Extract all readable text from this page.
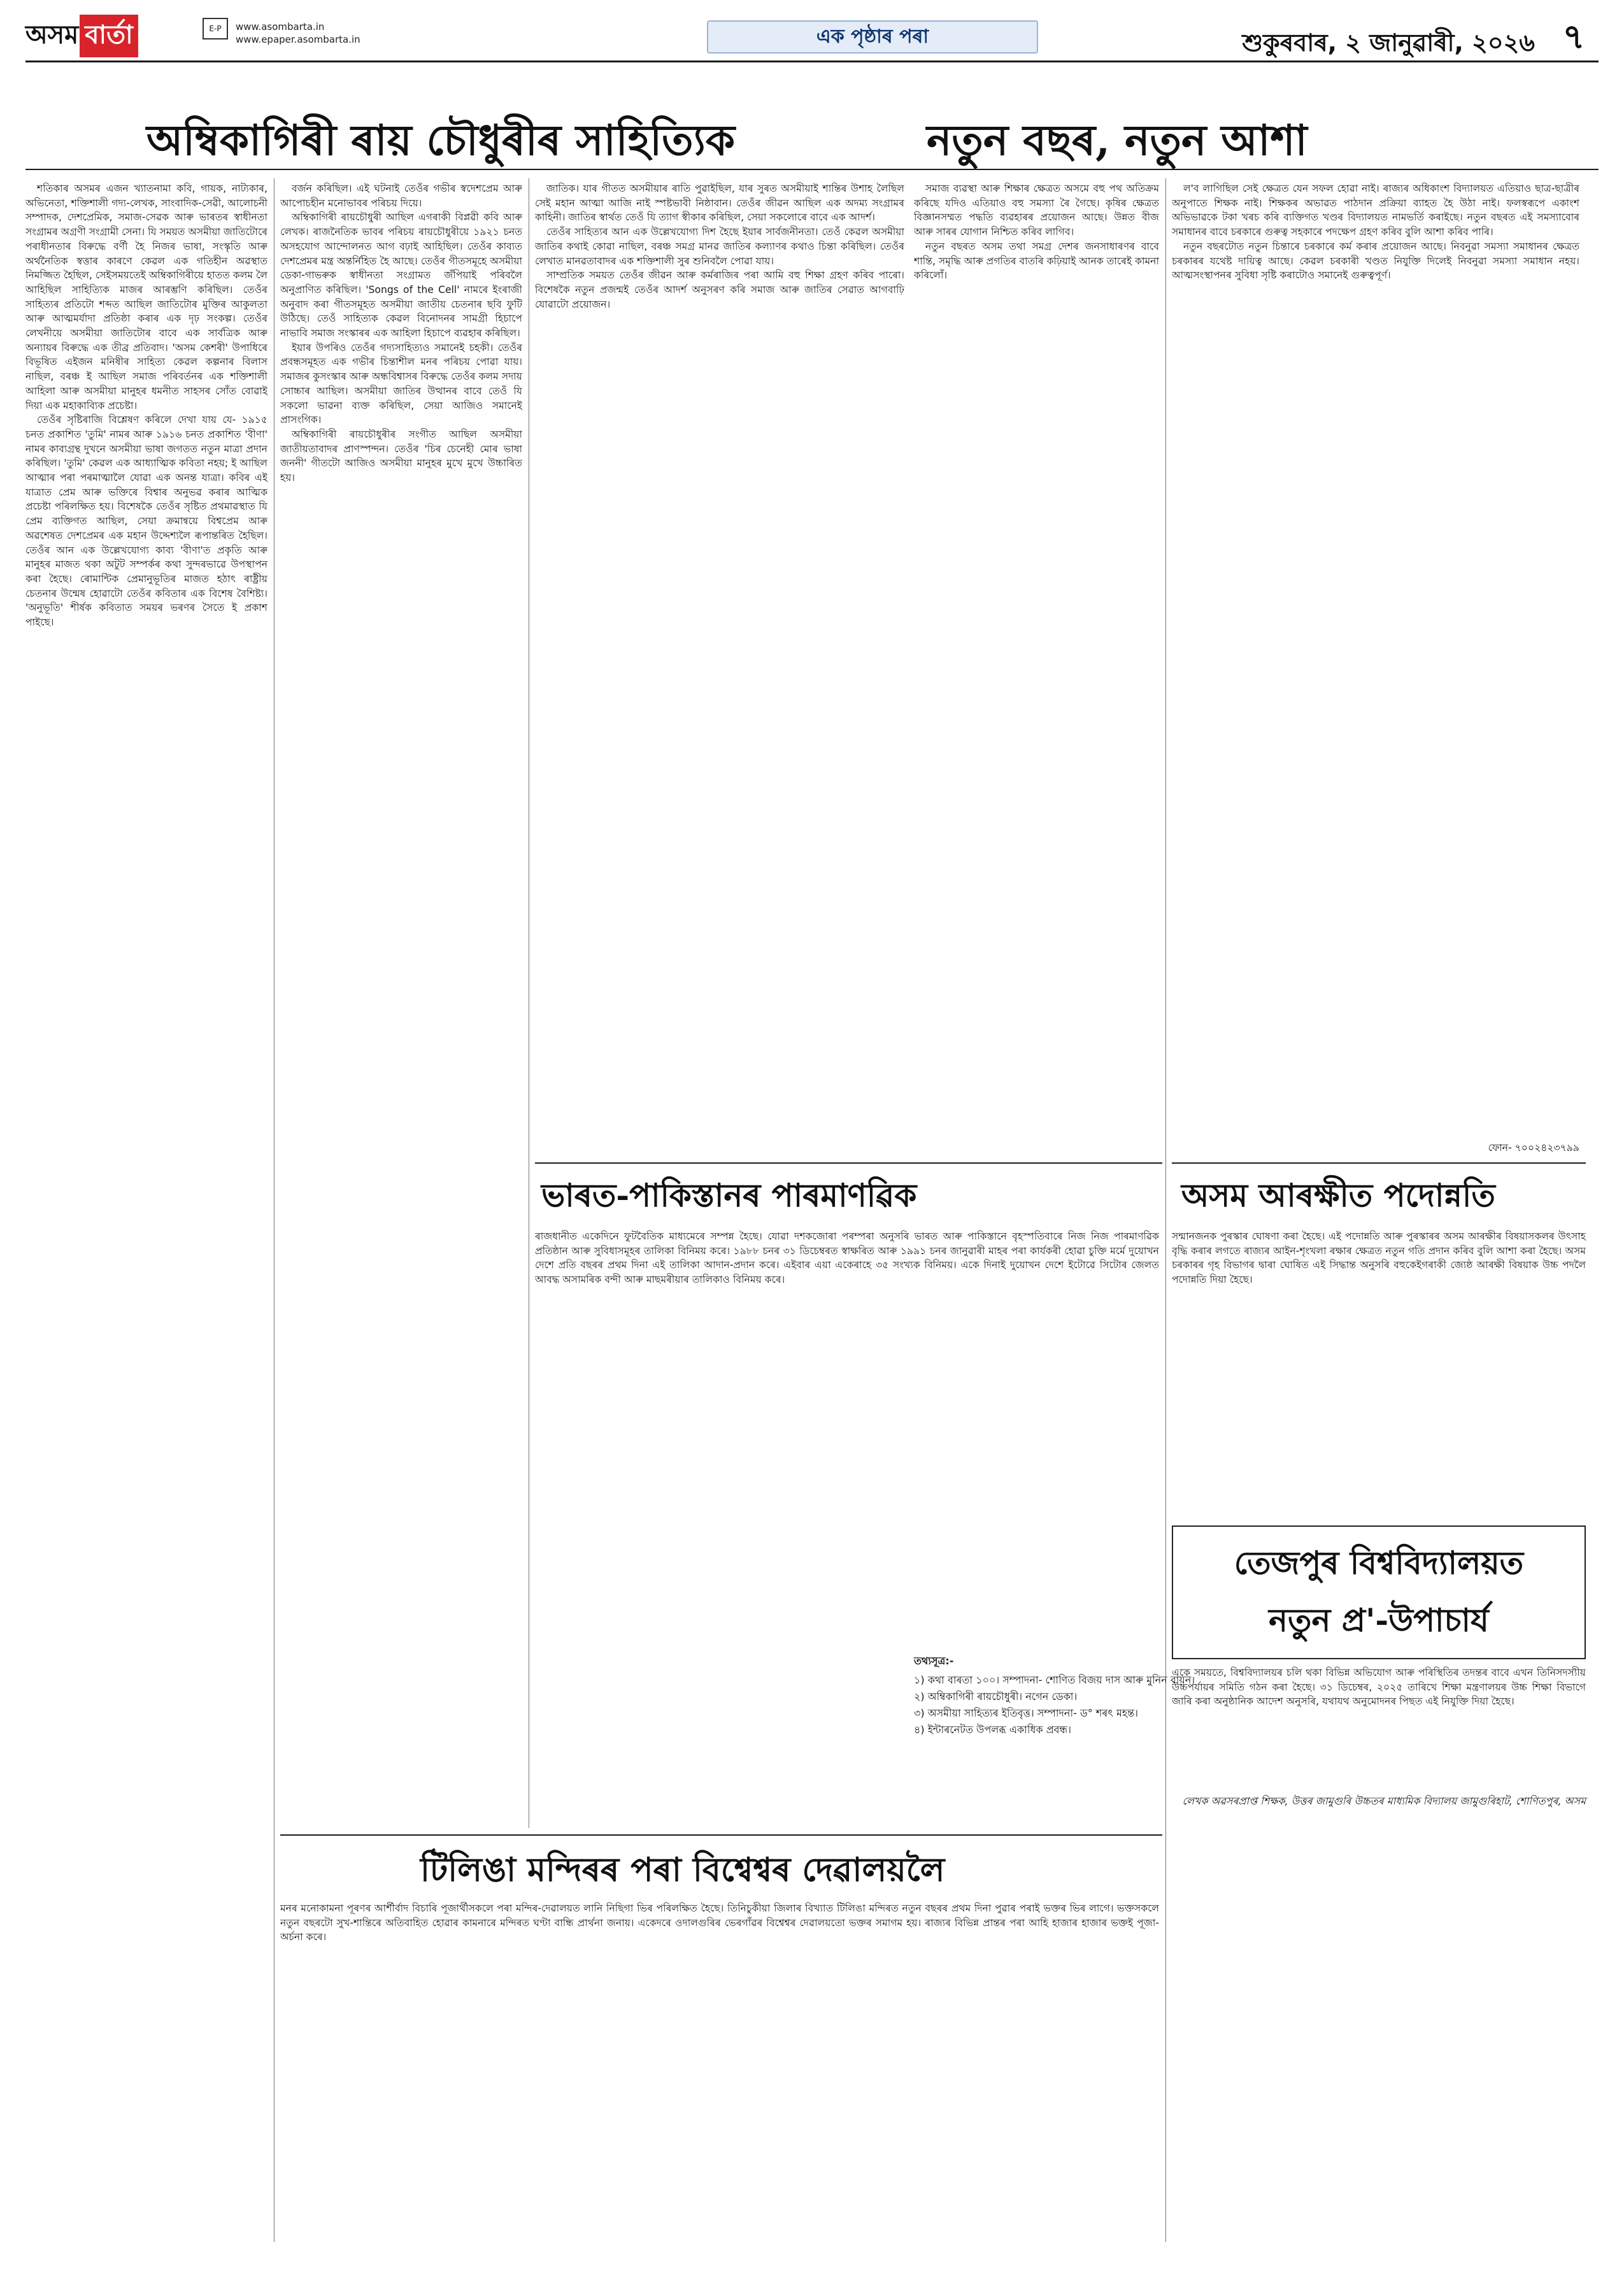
অসম বাৰ্তা	E-P	www.asombarta.in
www.epaper.asombarta.in	এক পৃষ্ঠাৰ পৰা	শুকুৰবাৰ, ২ জানুৱাৰী, ২০২৬ ৭
অম্বিকাগিৰী ৰায় চৌধুৰীৰ সাহিত্যিক	নতুন বছৰ, নতুন আশা

শতিকাৰ অসমৰ এজন খ্যাতনামা কবি, গায়ক, নাট্যকাৰ, অভিনেতা, শক্তিশালী গদ্য-লেখক, সাংবাদিক-সেৱী, আলোচনী সম্পাদক, দেশপ্ৰেমিক, সমাজ-সেৱক আৰু ভাৰতৰ স্বাধীনতা সংগ্ৰামৰ অগ্ৰণী সংগ্ৰামী সেনা। যি সময়ত অসমীয়া জাতিটোৰে পৰাধীনতাৰ বিৰুদ্ধে বৰ্ণী হৈ নিজৰ ভাষা, সংস্কৃতি আৰু অৰ্থনৈতিক স্বত্তাৰ কাৰণে কেৱল এক গতিহীন অৱস্থাত নিমজ্জিত হৈছিল, সেইসময়তেই অম্বিকাগিৰীয়ে হাতত কলম লৈ আহিছিল সাহিত্যিক মাজৰ আৰম্ভণি কৰিছিল। তেওঁৰ সাহিত্যৰ প্ৰতিটো শব্দত আছিল জাতিটোৰ মুক্তিৰ আকুলতা আৰু আত্মমৰ্যাদা প্ৰতিষ্ঠা কৰাৰ এক দৃঢ় সংকল্প। তেওঁৰ লেখনীয়ে অসমীয়া জাতিটোৰ বাবে এক সাৰ্বত্ৰিক আৰু অন্যায়ৰ বিৰুদ্ধে এক তীব্ৰ প্ৰতিবাদ। 'অসম কেশৰী' উপাধিৰে বিভূষিত এইজন মনিষীৰ সাহিত্য কেৱল কল্পনাৰ বিলাস নাছিল, বৰঞ্চ ই আছিল সমাজ পৰিবৰ্তনৰ এক শক্তিশালী আহিলা আৰু অসমীয়া মানুহৰ ধমনীত সাহসৰ সোঁত বোৱাই দিয়া এক মহাকাব্যিক প্ৰচেষ্টা।

তেওঁৰ সৃষ্টিৰাজি বিশ্লেষণ কৰিলে দেখা যায় যে- ১৯১৫ চনত প্ৰকাশিত 'তুমি' নামৰ আৰু ১৯১৬ চনত প্ৰকাশিত 'বীণা' নামৰ কাব্যগ্ৰন্থ দুখনে অসমীয়া ভাষা জগতত নতুন মাত্ৰা প্ৰদান কৰিছিল। 'তুমি' কেৱল এক আধ্যাত্মিক কবিতা নহয়; ই আছিল আত্মাৰ পৰা পৰমাত্মালৈ যোৱা এক অনন্ত যাত্ৰা। কবিৰ এই যাত্ৰাত প্ৰেম আৰু ভক্তিৰে বিশ্বাৰ অনুভৱ কৰাৰ আত্মিক প্ৰচেষ্টা পৰিলক্ষিত হয়। বিশেষকৈ তেওঁৰ সৃষ্টিত প্ৰথমাৱস্থাত যি প্ৰেম ব্যক্তিগত আছিল, সেয়া ক্ৰমান্বয়ে বিশ্বপ্ৰেম আৰু অৱশেষত দেশপ্ৰেমৰ এক মহান উদ্দেশ্যলৈ ৰূপান্তৰিত হৈছিল। তেওঁৰ আন এক উল্লেখযোগ্য কাব্য 'বীণা'ত প্ৰকৃতি আৰু মানুহৰ মাজত থকা অটুট সম্পৰ্কৰ কথা সুন্দৰভাৱে উপস্থাপন কৰা হৈছে। ৰোমান্টিক প্ৰেমানুভূতিৰ মাজত হঠাৎ ৰাষ্ট্ৰীয় চেতনাৰ উন্মেষ হোৱাটো তেওঁৰ কবিতাৰ এক বিশেষ বৈশিষ্ট্য। 'অনুভূতি' শীৰ্ষক কবিতাত সময়ৰ ভৰণৰ সৈতে ই প্ৰকাশ পাইছে।

বৰ্জন কৰিছিল। এই ঘটনাই তেওঁৰ গভীৰ স্বদেশপ্ৰেম আৰু আপোচহীন মনোভাবৰ পৰিচয় দিয়ে।

অম্বিকাগিৰী ৰায়চৌধুৰী আছিল এগৰাকী বিপ্লৱী কবি আৰু লেখক। ৰাজনৈতিক ভাবৰ পৰিচয় ৰায়চৌধুৰীয়ে ১৯২১ চনত অসহযোগ আন্দোলনত আগ বঢ়াই আহিছিল। তেওঁৰ কাব্যত দেশপ্ৰেমৰ মন্ত্ৰ অন্তৰ্নিহিত হৈ আছে। তেওঁৰ গীতসমূহে অসমীয়া ডেকা-গাভৰুক স্বাধীনতা সংগ্ৰামত জঁপিয়াই পৰিবলৈ অনুপ্ৰাণিত কৰিছিল। 'Songs of the Cell' নামৰে ইংৰাজী অনুবাদ কৰা গীতসমূহত অসমীয়া জাতীয় চেতনাৰ ছবি ফুটি উঠিছে। তেওঁ সাহিত্যক কেৱল বিনোদনৰ সামগ্ৰী হিচাপে নাভাবি সমাজ সংস্কাৰৰ এক আহিলা হিচাপে ব্যৱহাৰ কৰিছিল।

ইয়াৰ উপৰিও তেওঁৰ গদ্যসাহিত্যও সমানেই চহকী। তেওঁৰ প্ৰবন্ধসমূহত এক গভীৰ চিন্তাশীল মনৰ পৰিচয় পোৱা যায়। সমাজৰ কুসংস্কাৰ আৰু অন্ধবিশ্বাসৰ বিৰুদ্ধে তেওঁৰ কলম সদায় সোচ্চাৰ আছিল। অসমীয়া জাতিৰ উত্থানৰ বাবে তেওঁ যি সকলো ভাৱনা ব্যক্ত কৰিছিল, সেয়া আজিও সমানেই প্ৰাসংগিক।

অম্বিকাগিৰী ৰায়চৌধুৰীৰ সংগীত আছিল অসমীয়া জাতীয়তাবাদৰ প্ৰাণস্পন্দন। তেওঁৰ 'চিৰ চেনেহী মোৰ ভাষা জননী' গীতটো আজিও অসমীয়া মানুহৰ মুখে মুখে উচ্চাৰিত হয়।

জাতিক। যাৰ গীতত অসমীয়াৰ ৰাতি পুৱাইছিল, যাৰ সুৰত অসমীয়াই শান্তিৰ উশাহ লৈছিল সেই মহান আত্মা আজি নাই স্পষ্টভাবী নিষ্ঠাবান। তেওঁৰ জীৱন আছিল এক অদম্য সংগ্ৰামৰ কাহিনী। জাতিৰ স্বাৰ্থত তেওঁ যি ত্যাগ স্বীকাৰ কৰিছিল, সেয়া সকলোৰে বাবে এক আদৰ্শ।

তেওঁৰ সাহিত্যৰ আন এক উল্লেখযোগ্য দিশ হৈছে ইয়াৰ সাৰ্বজনীনতা। তেওঁ কেৱল অসমীয়া জাতিৰ কথাই কোৱা নাছিল, বৰঞ্চ সমগ্ৰ মানৱ জাতিৰ কল্যাণৰ কথাও চিন্তা কৰিছিল। তেওঁৰ লেখাত মানৱতাবাদৰ এক শক্তিশালী সুৰ শুনিবলৈ পোৱা যায়।

সাম্প্ৰতিক সময়ত তেওঁৰ জীৱন আৰু কৰ্মৰাজিৰ পৰা আমি বহু শিক্ষা গ্ৰহণ কৰিব পাৰো। বিশেষকৈ নতুন প্ৰজন্মই তেওঁৰ আদৰ্শ অনুসৰণ কৰি সমাজ আৰু জাতিৰ সেৱাত আগবাঢ়ি যোৱাটো প্ৰয়োজন।

ল'ব লাগিছিল সেই ক্ষেত্ৰত যেন সফল হোৱা নাই। ৰাজ্যৰ অধিকাংশ বিদ্যালয়ত এতিয়াও ছাত্ৰ-ছাত্ৰীৰ অনুপাতে শিক্ষক নাই। শিক্ষকৰ অভাৱত পাঠদান প্ৰক্ৰিয়া ব্যাহত হৈ উঠা নাই। ফলস্বৰূপে একাংশ অভিভাৱকে টকা খৰচ কৰি ব্যক্তিগত খণ্ডৰ বিদ্যালয়ত নামভৰ্তি কৰাইছে। নতুন বছৰত এই সমস্যাবোৰ সমাধানৰ বাবে চৰকাৰে গুৰুত্ব সহকাৰে পদক্ষেপ গ্ৰহণ কৰিব বুলি আশা কৰিব পাৰি।

নতুন বছৰটোত নতুন চিন্তাৰে চৰকাৰে কৰ্ম কৰাৰ প্ৰয়োজন আছে। নিবনুৱা সমস্যা সমাধানৰ ক্ষেত্ৰত চৰকাৰৰ যথেষ্ট দায়িত্ব আছে। কেৱল চৰকাৰী খণ্ডত নিযুক্তি দিলেই নিবনুৱা সমস্যা সমাধান নহয়। আত্মসংস্থাপনৰ সুবিধা সৃষ্টি কৰাটোও সমানেই গুৰুত্বপূৰ্ণ।

সমাজ ব্যৱস্থা আৰু শিক্ষাৰ ক্ষেত্ৰত অসমে বহু পথ অতিক্ৰম কৰিছে যদিও এতিয়াও বহু সমস্যা ৰৈ গৈছে। কৃষিৰ ক্ষেত্ৰত বিজ্ঞানসম্মত পদ্ধতি ব্যৱহাৰৰ প্ৰয়োজন আছে। উন্নত বীজ আৰু সাৰৰ যোগান নিশ্চিত কৰিব লাগিব।

নতুন বছৰত অসম তথা সমগ্ৰ দেশৰ জনসাধাৰণৰ বাবে শান্তি, সমৃদ্ধি আৰু প্ৰগতিৰ বাতৰি কঢ়িয়াই আনক তাৰেই কামনা কৰিলোঁ।

ফোন- ৭০০২৪২৩৭৯৯
ভাৰত-পাকিস্তানৰ পাৰমাণৱিক
ৰাজধানীত একেদিনে ফুটবৈতিক মাধ্যমেৰে সম্পন্ন হৈছে। যোৱা দশকজোৰা পৰম্পৰা অনুসৰি ভাৰত আৰু পাকিস্তানে বৃহস্পতিবাৰে নিজ নিজ পাৰমাণৱিক প্ৰতিষ্ঠান আৰু সুবিধাসমূহৰ তালিকা বিনিময় কৰে। ১৯৮৮ চনৰ ৩১ ডিচেম্বৰত স্বাক্ষৰিত আৰু ১৯৯১ চনৰ জানুৱাৰী মাহৰ পৰা কাৰ্যকৰী হোৱা চুক্তি মৰ্মে দুয়োখন দেশে প্ৰতি বছৰৰ প্ৰথম দিনা এই তালিকা আদান-প্ৰদান কৰে। এইবাৰ এয়া একেৰাহে ৩৫ সংখ্যক বিনিময়। একে দিনাই দুয়োখন দেশে ইটোৱে সিটোৰ জেলত আবদ্ধ অসামৰিক বন্দী আৰু মাছমৰীয়াৰ তালিকাও বিনিময় কৰে।
অসম আৰক্ষীত পদোন্নতি
সন্মানজনক পুৰস্কাৰ ঘোষণা কৰা হৈছে। এই পদোন্নতি আৰু পুৰস্কাৰৰ অসম আৰক্ষীৰ বিষয়াসকলৰ উৎসাহ বৃদ্ধি কৰাৰ লগতে ৰাজ্যৰ আইন-শৃংখলা ৰক্ষাৰ ক্ষেত্ৰত নতুন গতি প্ৰদান কৰিব বুলি আশা কৰা হৈছে। অসম চৰকাৰৰ গৃহ বিভাগৰ দ্বাৰা ঘোষিত এই সিদ্ধান্ত অনুসৰি বহুকেইগৰাকী জ্যেষ্ঠ আৰক্ষী বিষয়াক উচ্চ পদলৈ পদোন্নতি দিয়া হৈছে।
তেজপুৰ বিশ্ববিদ্যালয়ত
নতুন প্ৰ'-উপাচাৰ্য
একে সময়তে, বিশ্ববিদ্যালয়ৰ চলি থকা বিভিন্ন অভিযোগ আৰু পৰিস্থিতিৰ তদন্তৰ বাবে এখন তিনিসদস্যীয় উচ্চপৰ্যায়ৰ সমিতি গঠন কৰা হৈছে। ৩১ ডিচেম্বৰ, ২০২৫ তাৰিখে শিক্ষা মন্ত্ৰণালয়ৰ উচ্চ শিক্ষা বিভাগে জাৰি কৰা অনুষ্ঠানিক আদেশ অনুসৰি, যথাযথ অনুমোদনৰ পিছত এই নিযুক্তি দিয়া হৈছে।
তথ্যসূত্ৰ:-
১) কথা বাৰতা ১০০। সম্পাদনা- শোণিত বিজয় দাস আৰু মুনিন বায়ন।
২) অম্বিকাগিৰী ৰায়চৌধুৰী। নগেন ডেকা।
৩) অসমীয়া সাহিত্যৰ ইতিবৃত্ত। সম্পাদনা- ড° শৰৎ মহন্ত।
৪) ইন্টাৰনেটত উপলব্ধ একাধিক প্ৰবন্ধ।
লেখক অৱসৰপ্ৰাপ্ত শিক্ষক, উত্তৰ জামুগুৰি উচ্চতৰ মাধ্যমিক বিদ্যালয় জামুগুৰিহাট, শোণিতপুৰ, অসম
টিলিঙা মন্দিৰৰ পৰা বিশ্বেশ্বৰ দেৱালয়লৈ
মনৰ মনোকামনা পূৰণৰ আৰ্শীৰ্বাদ বিচাৰি পূজাৰ্থীসকলে পৰা মন্দিৰ-দেৱালয়ত লানি নিছিগা ভিৰ পৰিলক্ষিত হৈছে। তিনিচুকীয়া জিলাৰ বিখ্যাত টিলিঙা মন্দিৰত নতুন বছৰৰ প্ৰথম দিনা পুৱাৰ পৰাই ভক্তৰ ভিৰ লাগে। ভক্তসকলে নতুন বছৰটো সুখ-শান্তিৰে অতিবাহিত হোৱাৰ কামনাৰে মন্দিৰত ঘণ্টা বান্ধি প্ৰাৰ্থনা জনায়। একেদৰে ওদালগুৰিৰ ভেৰগাঁৱৰ বিশ্বেশ্বৰ দেৱালয়তো ভক্তৰ সমাগম হয়। ৰাজ্যৰ বিভিন্ন প্ৰান্তৰ পৰা আহি হাজাৰ হাজাৰ ভক্তই পূজা-অৰ্চনা কৰে।
